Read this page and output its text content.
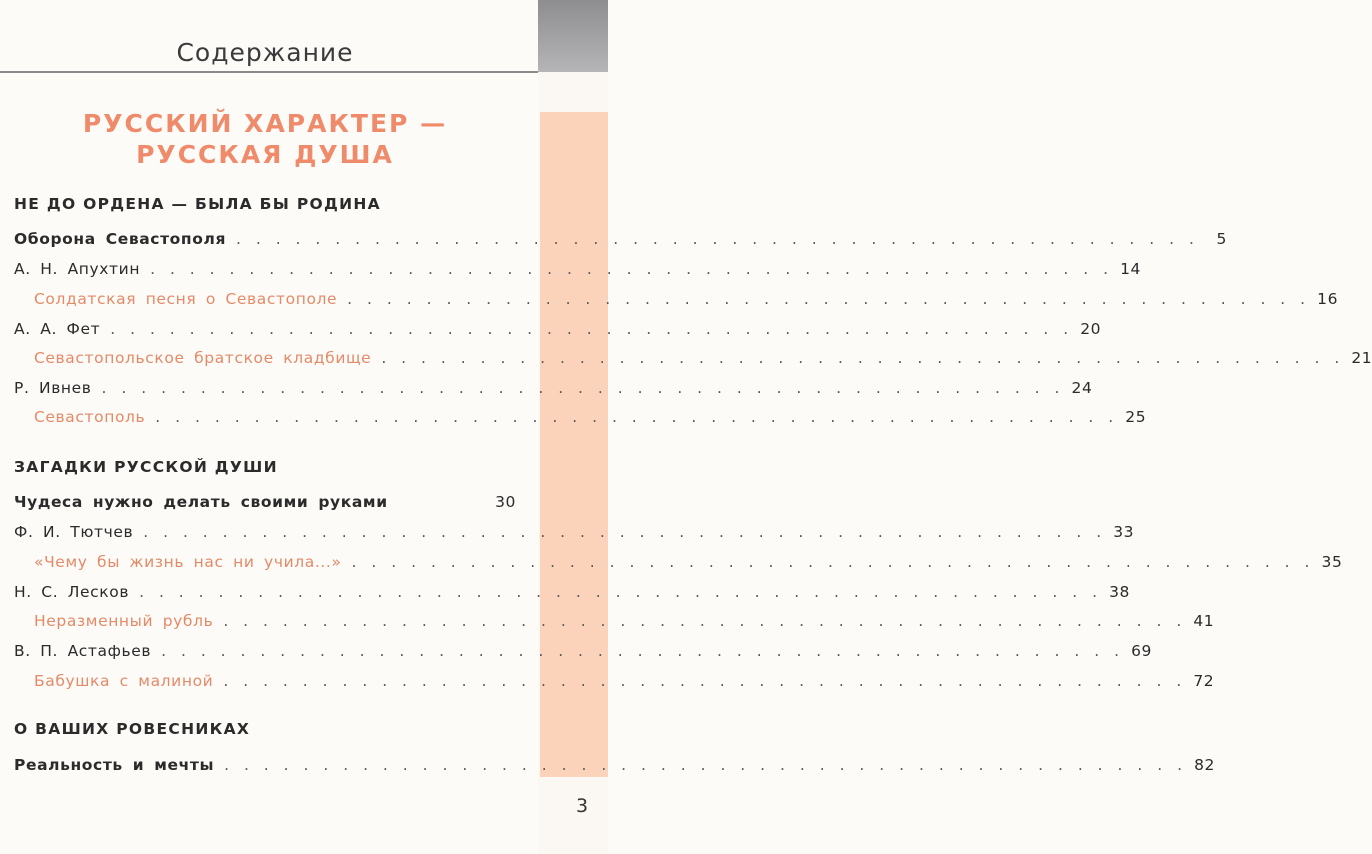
Содержание
РУССКИЙ ХАРАКТЕР —
РУССКАЯ ДУША
НЕ ДО ОРДЕНА — БЫЛА БЫ РОДИНА
Оборона Севастополя . . . . . . . . . . . . . . . . . . . . . . . . . . . . . . . . . . . . . . . . . . . . . . . . .	5
А. Н. Апухтин . . . . . . . . . . . . . . . . . . . . . . . . . . . . . . . . . . . . . . . . . . . . . . . . . 14
Солдатская песня о Севастополе . . . . . . . . . . . . . . . . . . . . . . . . . . . . . . . . . . . . . . . . . . . . . . . . . 16
А. А. Фет . . . . . . . . . . . . . . . . . . . . . . . . . . . . . . . . . . . . . . . . . . . . . . . . . 20
Севастопольское братское кладбище . . . . . . . . . . . . . . . . . . . . . . . . . . . . . . . . . . . . . . . . . . . . . . . . . 21
Р. Ивнев . . . . . . . . . . . . . . . . . . . . . . . . . . . . . . . . . . . . . . . . . . . . . . . . . 24
Севастополь . . . . . . . . . . . . . . . . . . . . . . . . . . . . . . . . . . . . . . . . . . . . . . . . . 25
ЗАГАДКИ РУССКОЙ ДУШИ
Чудеса нужно делать своими руками	30
Ф. И. Тютчев . . . . . . . . . . . . . . . . . . . . . . . . . . . . . . . . . . . . . . . . . . . . . . . . . 33
«Чему бы жизнь нас ни учила...» . . . . . . . . . . . . . . . . . . . . . . . . . . . . . . . . . . . . . . . . . . . . . . . . . 35
Н. С. Лесков . . . . . . . . . . . . . . . . . . . . . . . . . . . . . . . . . . . . . . . . . . . . . . . . . 38
Неразменный рубль . . . . . . . . . . . . . . . . . . . . . . . . . . . . . . . . . . . . . . . . . . . . . . . . . 41
В. П. Астафьев . . . . . . . . . . . . . . . . . . . . . . . . . . . . . . . . . . . . . . . . . . . . . . . . . 69
Бабушка с малиной . . . . . . . . . . . . . . . . . . . . . . . . . . . . . . . . . . . . . . . . . . . . . . . . . 72
О ВАШИХ РОВЕСНИКАХ
Реальность и мечты . . . . . . . . . . . . . . . . . . . . . . . . . . . . . . . . . . . . . . . . . . . . . . . . . 82
3
